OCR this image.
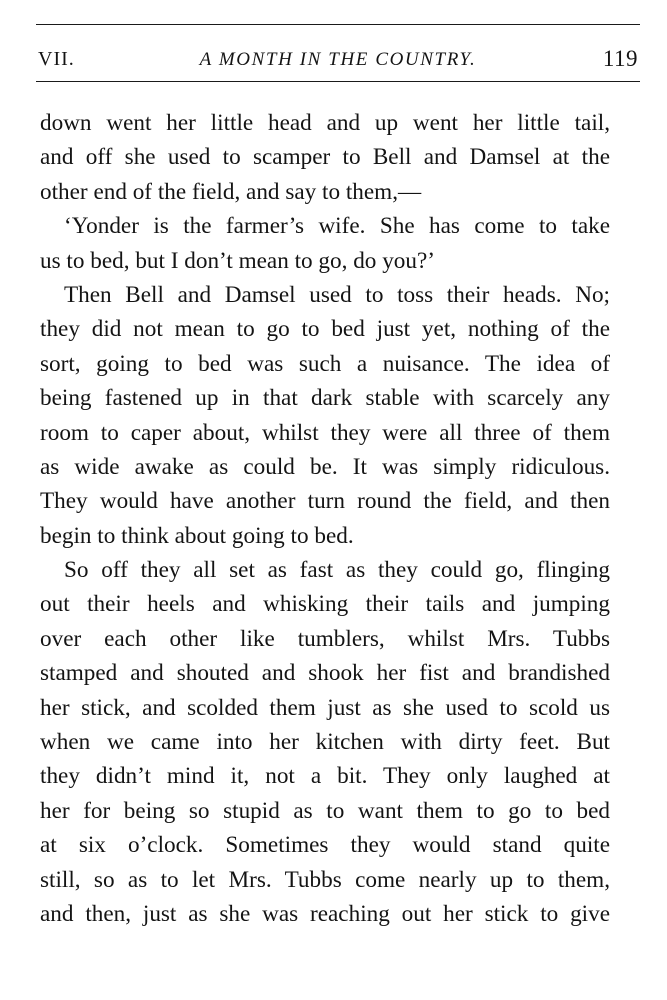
VII.	A MONTH IN THE COUNTRY.	119
down went her little head and up went her little tail,
and off she used to scamper to Bell and Damsel at the
other end of the field, and say to them,—
‘Yonder is the farmer’s wife. She has come to take
us to bed, but I don’t mean to go, do you?’
Then Bell and Damsel used to toss their heads. No;
they did not mean to go to bed just yet, nothing of the
sort, going to bed was such a nuisance. The idea of
being fastened up in that dark stable with scarcely any
room to caper about, whilst they were all three of them
as wide awake as could be. It was simply ridiculous.
They would have another turn round the field, and then
begin to think about going to bed.
So off they all set as fast as they could go, flinging
out their heels and whisking their tails and jumping
over each other like tumblers, whilst Mrs. Tubbs
stamped and shouted and shook her fist and brandished
her stick, and scolded them just as she used to scold us
when we came into her kitchen with dirty feet. But
they didn’t mind it, not a bit. They only laughed at
her for being so stupid as to want them to go to bed
at six o’clock. Sometimes they would stand quite
still, so as to let Mrs. Tubbs come nearly up to them,
and then, just as she was reaching out her stick to give
